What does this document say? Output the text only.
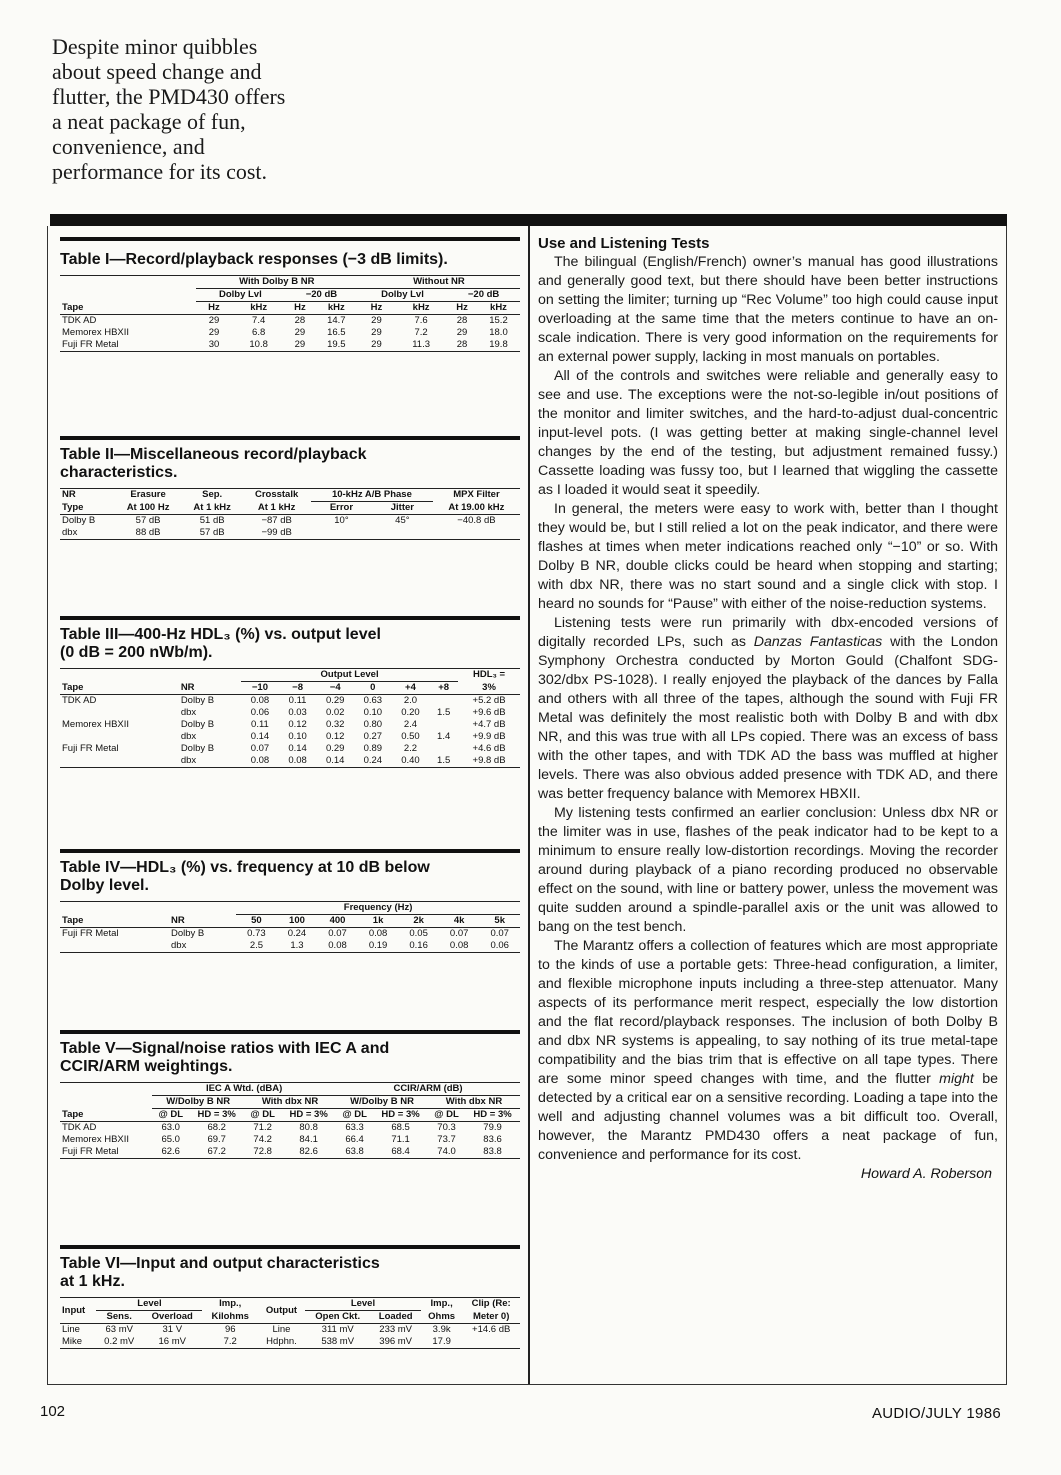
Despite minor quibbles
about speed change and
flutter, the PMD430 offers
a neat package of fun,
convenience, and
performance for its cost.
Table I—Record/playback responses (−3 dB limits).
	With Dolby B NR				Without NR			
	Dolby Lvl		−20 dB		Dolby Lvl		−20 dB	
Tape	Hz	kHz	Hz	kHz	Hz	kHz	Hz	kHz
TDK AD	29	7.4	28	14.7	29	7.6	28	15.2
Memorex HBXII	29	6.8	29	16.5	29	7.2	29	18.0
Fuji FR Metal	30	10.8	29	19.5	29	11.3	28	19.8
Table II—Miscellaneous record/playback
characteristics.
NR	Erasure	Sep.	Crosstalk	10-kHz A/B Phase		MPX Filter
Type	At 100 Hz	At 1 kHz	At 1 kHz	Error	Jitter	At 19.00 kHz
Dolby B	57 dB	51 dB	−87 dB	10°	45°	−40.8 dB
dbx	88 dB	57 dB	−99 dB			
Table III—400-Hz HDL₃ (%) vs. output level
(0 dB = 200 nWb/m).
		Output Level						HDL₃ =
Tape	NR	−10	−8	−4	0	+4	+8	3%
TDK AD	Dolby B	0.08	0.11	0.29	0.63	2.0		+5.2 dB
	dbx	0.06	0.03	0.02	0.10	0.20	1.5	+9.6 dB
Memorex HBXII	Dolby B	0.11	0.12	0.32	0.80	2.4		+4.7 dB
	dbx	0.14	0.10	0.12	0.27	0.50	1.4	+9.9 dB
Fuji FR Metal	Dolby B	0.07	0.14	0.29	0.89	2.2		+4.6 dB
	dbx	0.08	0.08	0.14	0.24	0.40	1.5	+9.8 dB
Table IV—HDL₃ (%) vs. frequency at 10 dB below
Dolby level.
		Frequency (Hz)						
Tape	NR	50	100	400	1k	2k	4k	5k
Fuji FR Metal	Dolby B	0.73	0.24	0.07	0.08	0.05	0.07	0.07
	dbx	2.5	1.3	0.08	0.19	0.16	0.08	0.06
Table V—Signal/noise ratios with IEC A and
CCIR/ARM weightings.
	IEC A Wtd. (dBA)				CCIR/ARM (dB)			
	W/Dolby B NR		With dbx NR		W/Dolby B NR		With dbx NR	
Tape	@ DL	HD = 3%	@ DL	HD = 3%	@ DL	HD = 3%	@ DL	HD = 3%
TDK AD	63.0	68.2	71.2	80.8	63.3	68.5	70.3	79.9
Memorex HBXII	65.0	69.7	74.2	84.1	66.4	71.1	73.7	83.6
Fuji FR Metal	62.6	67.2	72.8	82.6	63.8	68.4	74.0	83.8
Table VI—Input and output characteristics
at 1 kHz.
Input	Level		Imp.,	Output	Level		Imp.,	Clip (Re:
	Sens.	Overload	Kilohms		Open Ckt.	Loaded	Ohms	Meter 0)
Line	63 mV	31 V	96	Line	311 mV	233 mV	3.9k	+14.6 dB
Mike	0.2 mV	16 mV	7.2	Hdphn.	538 mV	396 mV	17.9	
Use and Listening Tests

The bilingual (English/French) owner’s manual has good illustrations and generally good text, but there should have been better instructions on setting the limiter; turning up “Rec Volume” too high could cause input overloading at the same time that the meters continue to have an on-scale indication. There is very good information on the requirements for an external power supply, lacking in most manuals on portables.

All of the controls and switches were reliable and generally easy to see and use. The exceptions were the not-so-legible in/out positions of the monitor and limiter switches, and the hard-to-adjust dual-concentric input-level pots. (I was getting better at making single-channel level changes by the end of the testing, but adjustment remained fussy.) Cassette loading was fussy too, but I learned that wiggling the cassette as I loaded it would seat it speedily.

In general, the meters were easy to work with, better than I thought they would be, but I still relied a lot on the peak indicator, and there were flashes at times when meter indications reached only “−10” or so. With Dolby B NR, double clicks could be heard when stopping and starting; with dbx NR, there was no start sound and a single click with stop. I heard no sounds for “Pause” with either of the noise-reduction systems.

Listening tests were run primarily with dbx-encoded versions of digitally recorded LPs, such as Danzas Fantasticas with the London Symphony Orchestra conducted by Morton Gould (Chalfont SDG-302/dbx PS-1028). I really enjoyed the playback of the dances by Falla and others with all three of the tapes, although the sound with Fuji FR Metal was definitely the most realistic both with Dolby B and with dbx NR, and this was true with all LPs copied. There was an excess of bass with the other tapes, and with TDK AD the bass was muffled at higher levels. There was also obvious added presence with TDK AD, and there was better frequency balance with Memorex HBXII.

My listening tests confirmed an earlier conclusion: Unless dbx NR or the limiter was in use, flashes of the peak indicator had to be kept to a minimum to ensure really low-distortion recordings. Moving the recorder around during playback of a piano recording produced no observable effect on the sound, with line or battery power, unless the movement was quite sudden around a spindle-parallel axis or the unit was allowed to bang on the test bench.

The Marantz offers a collection of features which are most appropriate to the kinds of use a portable gets: Three-head configuration, a limiter, and flexible microphone inputs including a three-step attenuator. Many aspects of its performance merit respect, especially the low distortion and the flat record/playback responses. The inclusion of both Dolby B and dbx NR systems is appealing, to say nothing of its true metal-tape compatibility and the bias trim that is effective on all tape types. There are some minor speed changes with time, and the flutter might be detected by a critical ear on a sensitive recording. Loading a tape into the well and adjusting channel volumes was a bit difficult too. Overall, however, the Marantz PMD430 offers a neat package of fun, convenience and performance for its cost.

Howard A. Roberson
102	AUDIO/JULY 1986
